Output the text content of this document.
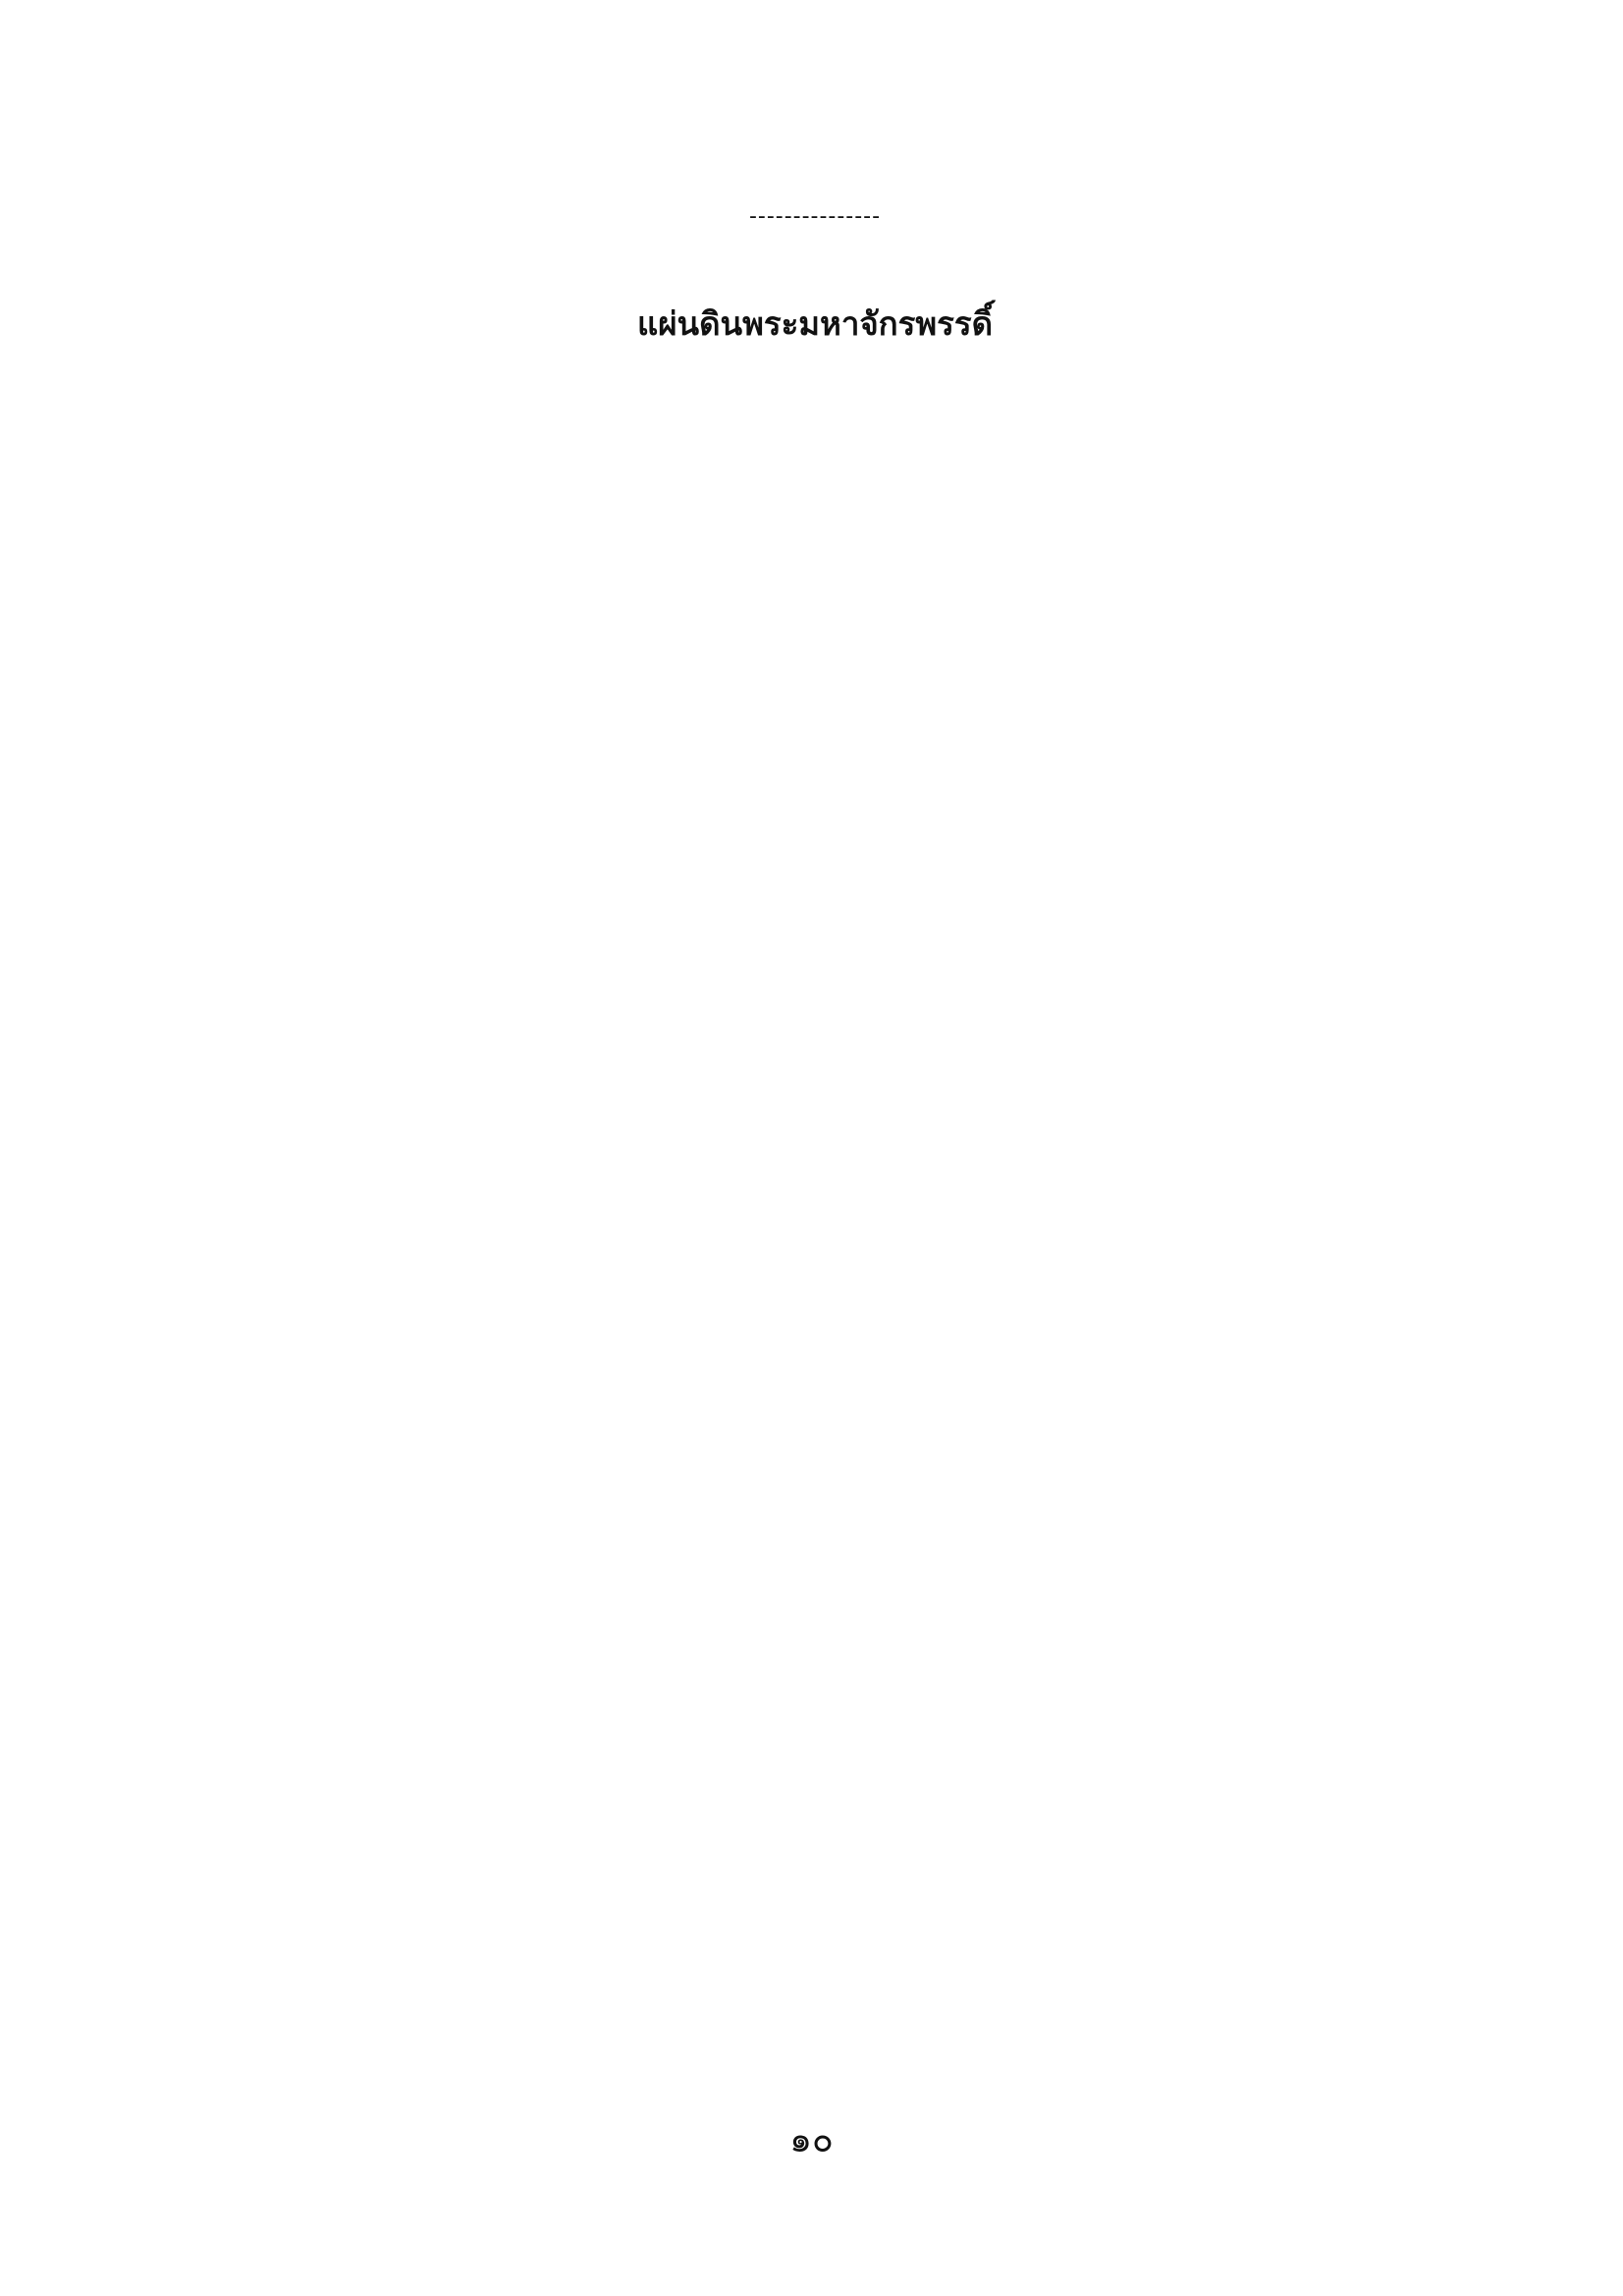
---------------
แผ่นดินพระมหาจักรพรรดิ์

๑๐
